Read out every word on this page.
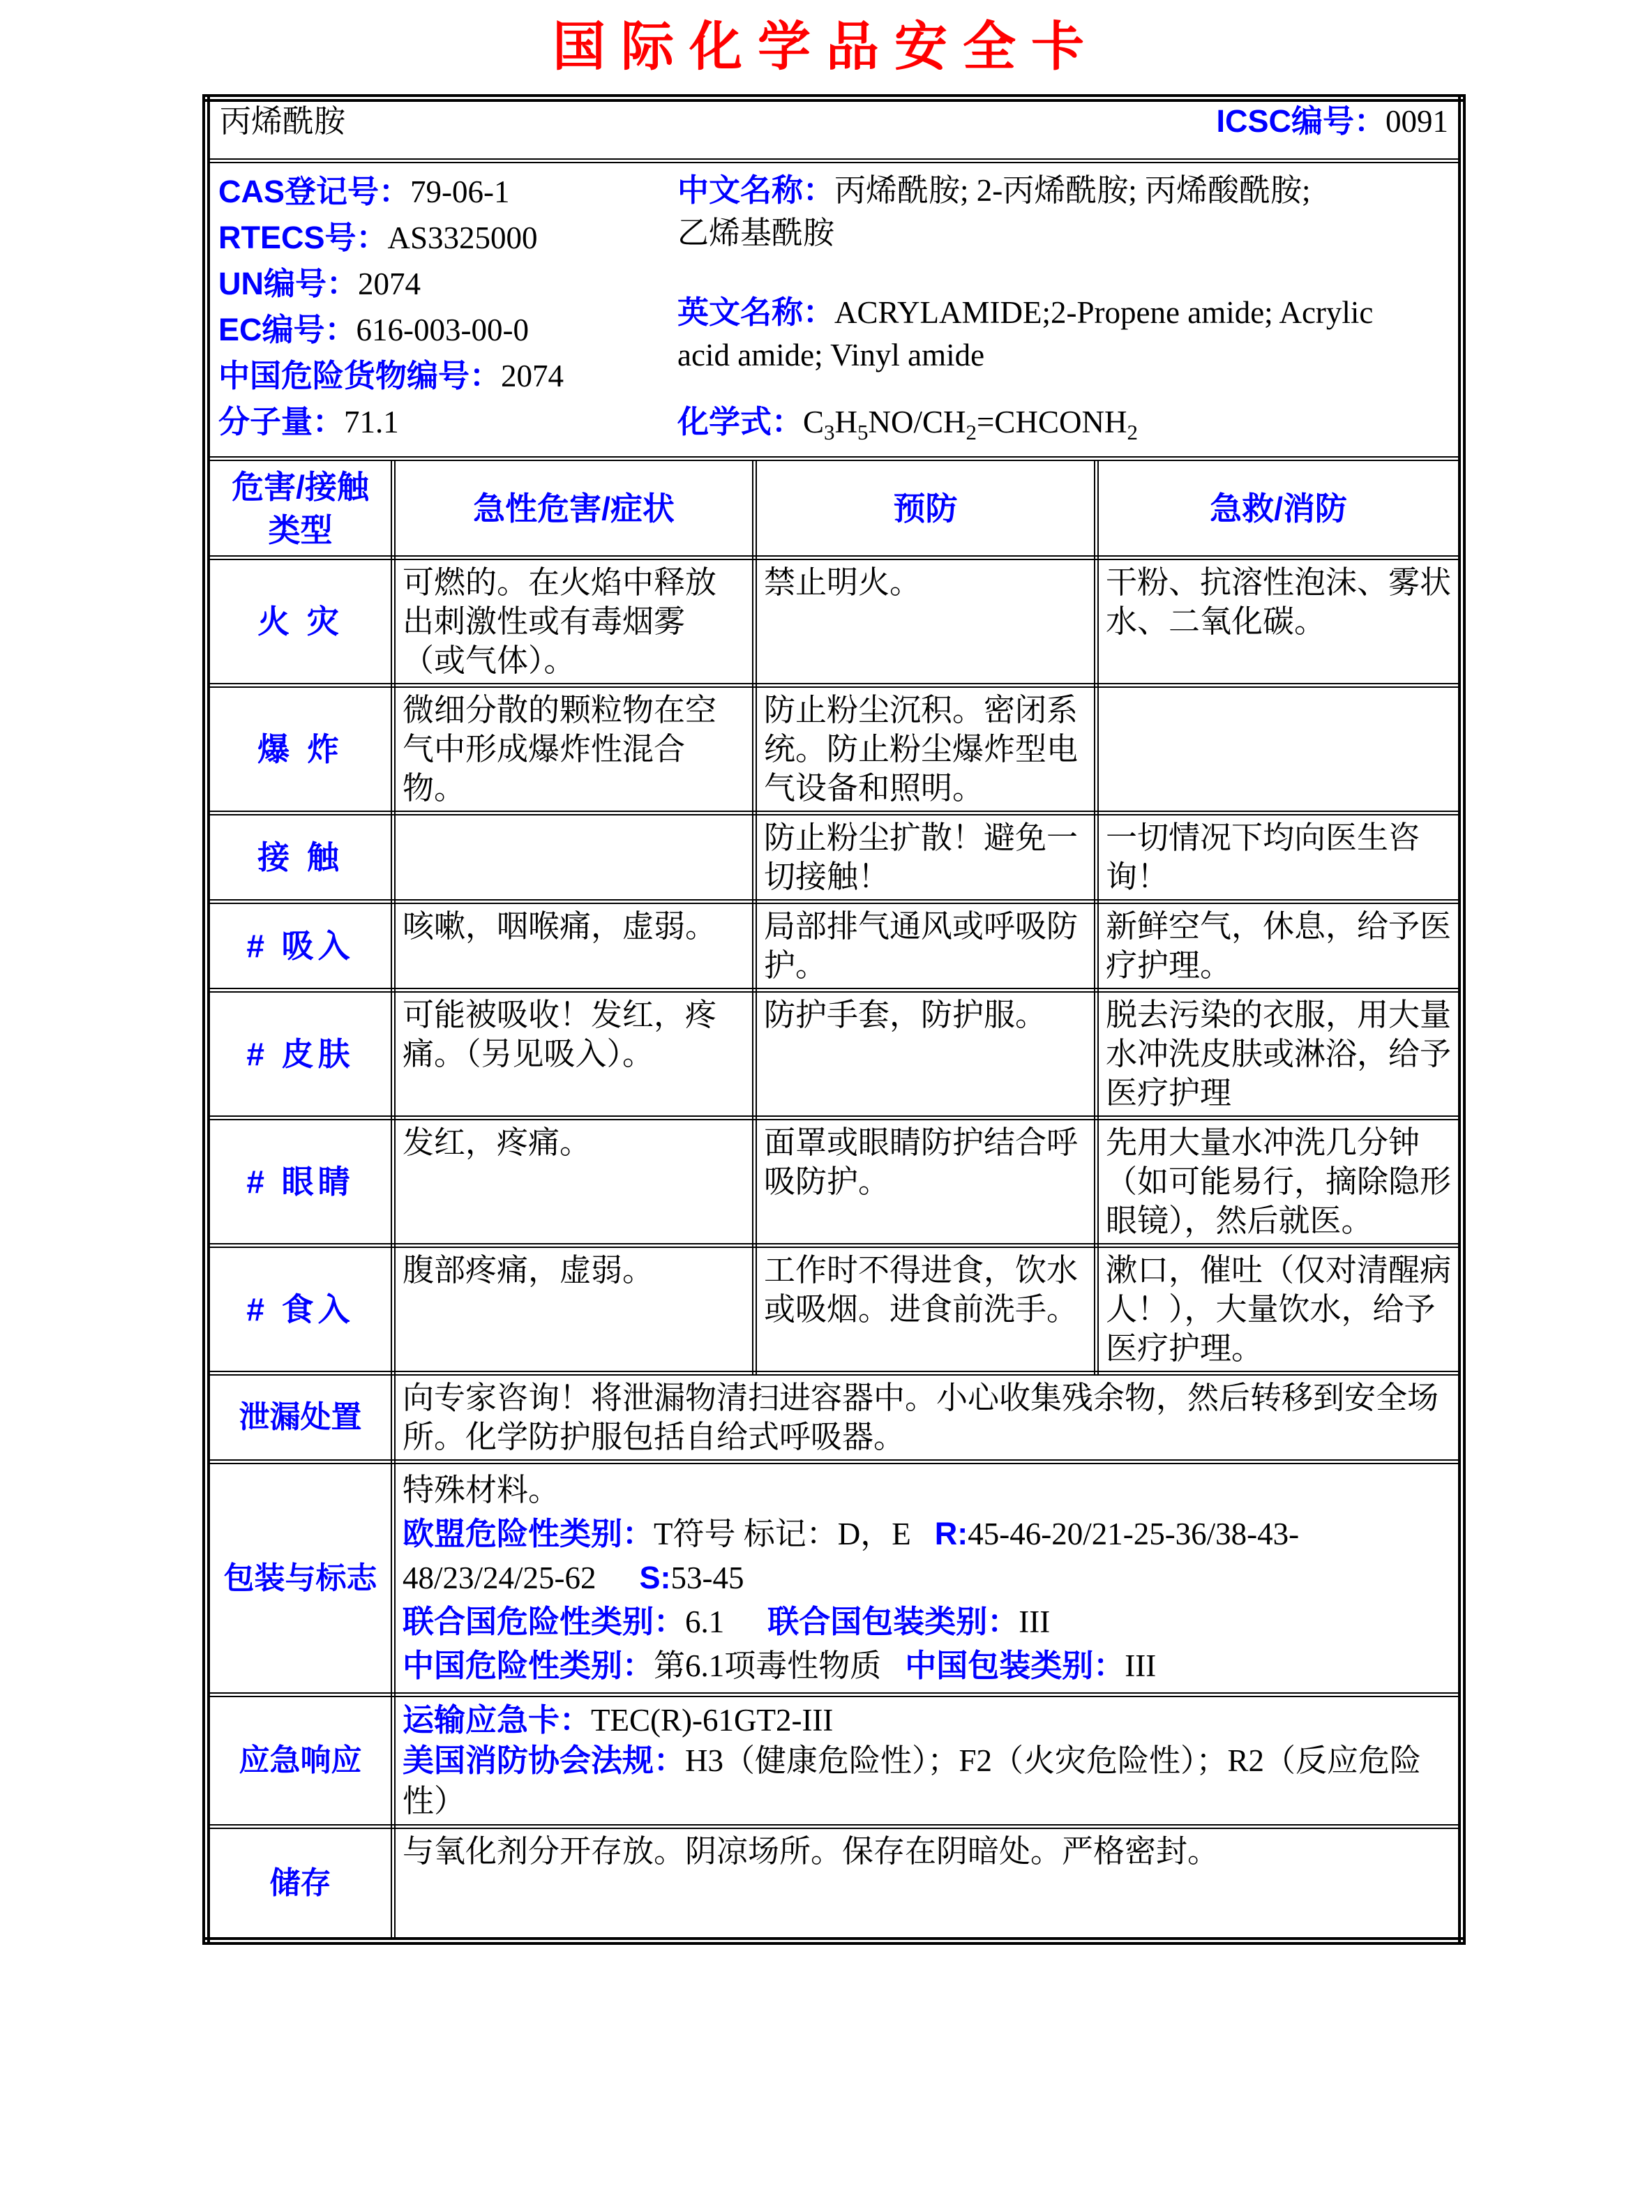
国际化学品安全卡
丙烯酰胺 ICSC编号：0091			

CAS登记号：79-06-1
RTECS号：AS3325000
UN编号：2074
EC编号：616-003-00-0
中国危险货物编号：2074
分子量：71.1
中文名称：丙烯酰胺; 2-丙烯酰胺; 丙烯酸酰胺;
乙烯基酰胺
英文名称：ACRYLAMIDE;2-Propene amide; Acrylic
acid amide; Vinyl amide
化学式：$C_3H_5NO/CH_2=CHCONH_2$

危害/接触类型	急性危害/症状	预防	急救/消防
火 灾	可燃的。在火焰中释放出刺激性或有毒烟雾（或气体）。	禁止明火。	干粉、抗溶性泡沫、雾状水、二氧化碳。
爆 炸	微细分散的颗粒物在空气中形成爆炸性混合物。	防止粉尘沉积。密闭系统。防止粉尘爆炸型电气设备和照明。	
接 触		防止粉尘扩散！避免一切接触！	一切情况下均向医生咨询！
# 吸入	咳嗽，咽喉痛，虚弱。	局部排气通风或呼吸防护。	新鲜空气，休息，给予医疗护理。
# 皮肤	可能被吸收！发红，疼痛。（另见吸入）。	防护手套，防护服。	脱去污染的衣服，用大量水冲洗皮肤或淋浴，给予医疗护理
# 眼睛	发红，疼痛。	面罩或眼睛防护结合呼吸防护。	先用大量水冲洗几分钟（如可能易行，摘除隐形眼镜），然后就医。
# 食入	腹部疼痛，虚弱。	工作时不得进食，饮水或吸烟。进食前洗手。	漱口，催吐（仅对清醒病人！），大量饮水，给予医疗护理。
泄漏处置	向专家咨询！将泄漏物清扫进容器中。小心收集残余物，然后转移到安全场所。化学防护服包括自给式呼吸器。		
包装与标志	特殊材料。
欧盟危险性类别：T符号 标记：D，E R:45-46-20/21-25-36/38-43-
48/23/24/25-62 S:53-45
联合国危险性类别：6.1 联合国包装类别：III
中国危险性类别：第6.1项毒性物质 中国包装类别：III		

应急响应	运输应急卡：TEC(R)-61GT2-III
美国消防协会法规：H3（健康危险性）；F2（火灾危险性）；R2（反应危险性）		

储存	与氧化剂分开存放。阴凉场所。保存在阴暗处。严格密封。		
